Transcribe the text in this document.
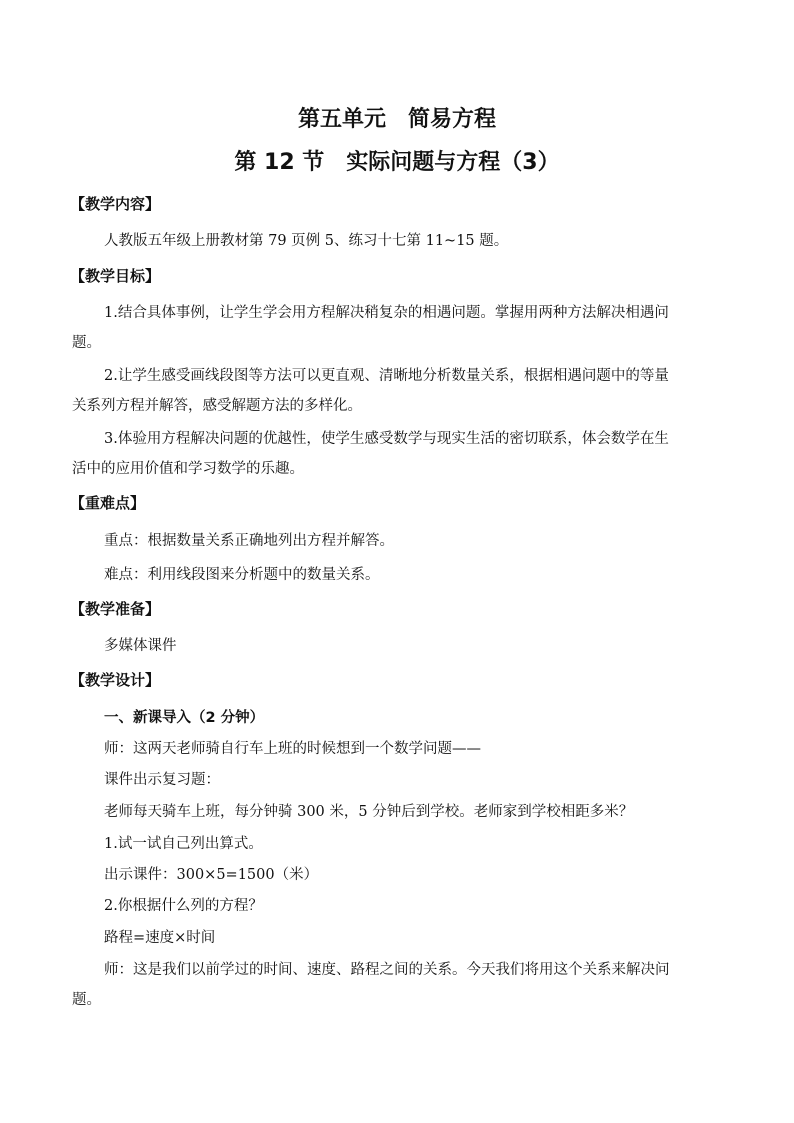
第五单元　简易方程
第 12 节　实际问题与方程（3）
【教学内容】
人教版五年级上册教材第 79 页例 5、练习十七第 11~15 题。
【教学目标】
1.结合具体事例，让学生学会用方程解决稍复杂的相遇问题。掌握用两种方法解决相遇问
题。
2.让学生感受画线段图等方法可以更直观、清晰地分析数量关系，根据相遇问题中的等量
关系列方程并解答，感受解题方法的多样化。
3.体验用方程解决问题的优越性，使学生感受数学与现实生活的密切联系，体会数学在生
活中的应用价值和学习数学的乐趣。
【重难点】
重点：根据数量关系正确地列出方程并解答。
难点：利用线段图来分析题中的数量关系。
【教学准备】
多媒体课件
【教学设计】
一、新课导入（2 分钟）
师：这两天老师骑自行车上班的时候想到一个数学问题——
课件出示复习题：
老师每天骑车上班，每分钟骑 300 米，5 分钟后到学校。老师家到学校相距多米？
1.试一试自己列出算式。
出示课件：300×5=1500（米）
2.你根据什么列的方程？
路程=速度×时间
师：这是我们以前学过的时间、速度、路程之间的关系。今天我们将用这个关系来解决问
题。
